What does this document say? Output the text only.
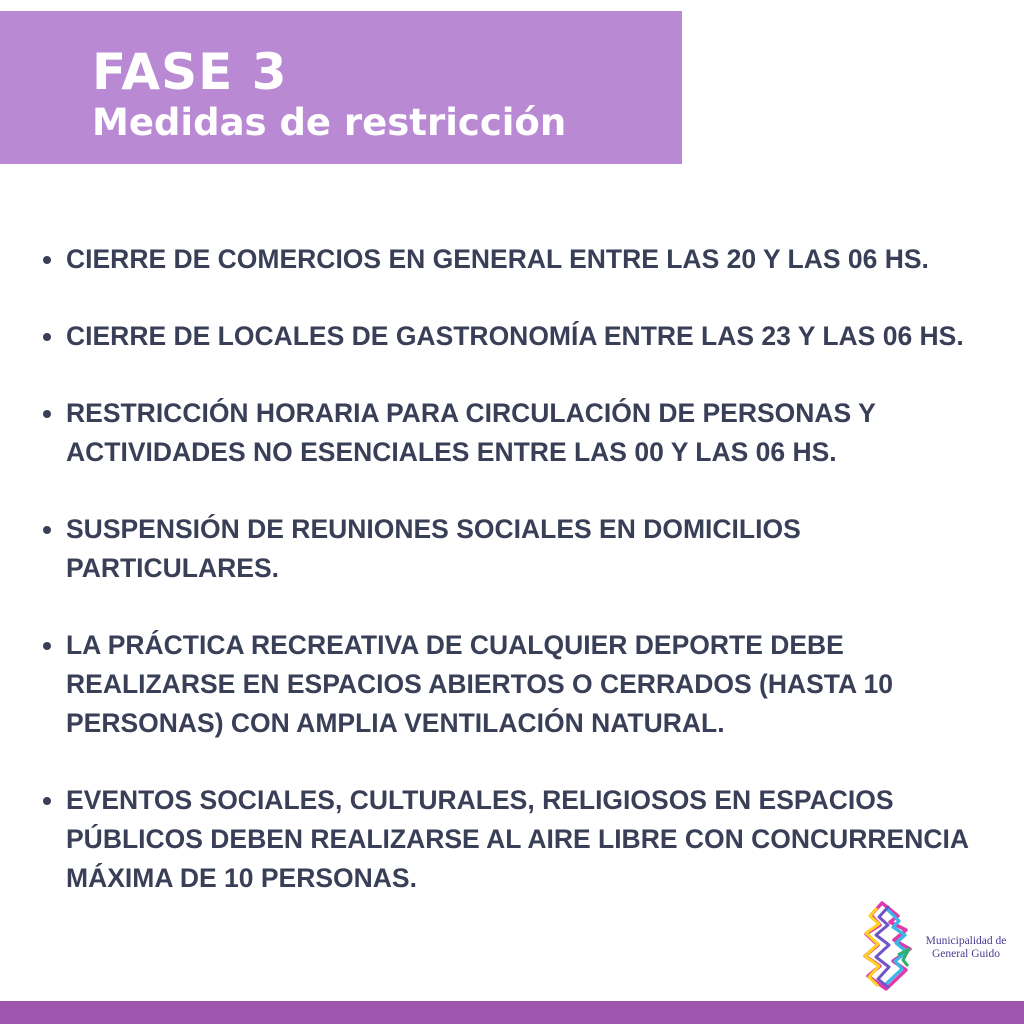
FASE 3
Medidas de restricción
CIERRE DE COMERCIOS EN GENERAL ENTRE LAS 20 Y LAS 06 HS.
CIERRE DE LOCALES DE GASTRONOMÍA ENTRE LAS 23 Y LAS 06 HS.
RESTRICCIÓN HORARIA PARA CIRCULACIÓN DE PERSONAS Y ACTIVIDADES NO ESENCIALES ENTRE LAS 00 Y LAS 06 HS.
SUSPENSIÓN DE REUNIONES SOCIALES EN DOMICILIOS PARTICULARES.
LA PRÁCTICA RECREATIVA DE CUALQUIER DEPORTE DEBE REALIZARSE EN ESPACIOS ABIERTOS O CERRADOS (HASTA 10 PERSONAS) CON AMPLIA VENTILACIÓN NATURAL.
EVENTOS SOCIALES, CULTURALES, RELIGIOSOS EN ESPACIOS PÚBLICOS DEBEN REALIZARSE AL AIRE LIBRE CON CONCURRENCIA MÁXIMA DE 10 PERSONAS.
Municipalidad de
General Guido
